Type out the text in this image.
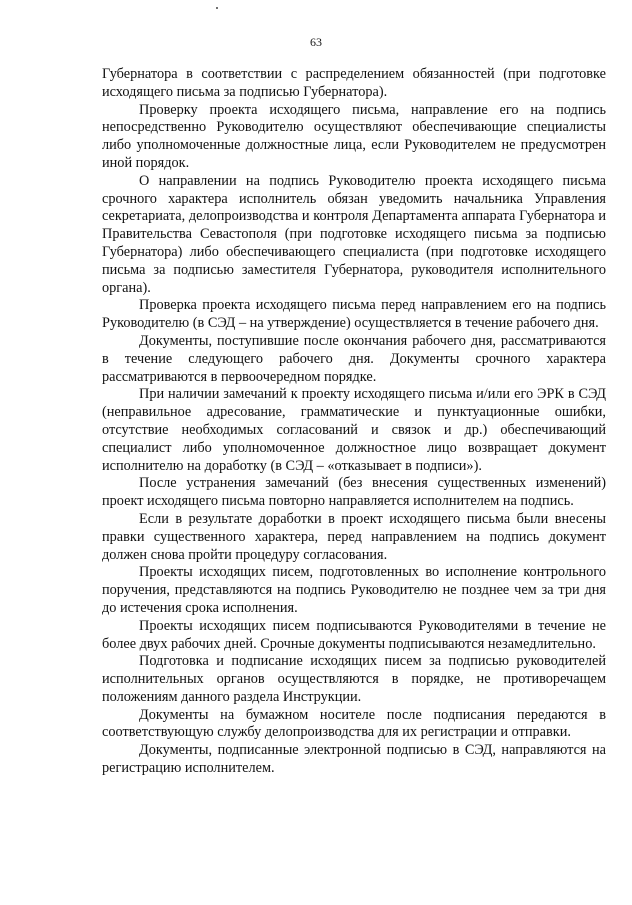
63

Губернатора в соответствии с распределением обязанностей (при подготовке исходящего письма за подписью Губернатора).

Проверку проекта исходящего письма, направление его на подпись непосредственно Руководителю осуществляют обеспечивающие специалисты либо уполномоченные должностные лица, если Руководителем не предусмотрен иной порядок.

О направлении на подпись Руководителю проекта исходящего письма срочного характера исполнитель обязан уведомить начальника Управления секретариата, делопроизводства и контроля Департамента аппарата Губернатора и Правительства Севастополя (при подготовке исходящего письма за подписью Губернатора) либо обеспечивающего специалиста (при подготовке исходящего письма за подписью заместителя Губернатора, руководителя исполнительного органа).

Проверка проекта исходящего письма перед направлением его на подпись Руководителю (в СЭД – на утверждение) осуществляется в течение рабочего дня.

Документы, поступившие после окончания рабочего дня, рассматриваются в течение следующего рабочего дня. Документы срочного характера рассматриваются в первоочередном порядке.

При наличии замечаний к проекту исходящего письма и/или его ЭРК в СЭД (неправильное адресование, грамматические и пунктуационные ошибки, отсутствие необходимых согласований и связок и др.) обеспечивающий специалист либо уполномоченное должностное лицо возвращает документ исполнителю на доработку (в СЭД – «отказывает в подписи»).

После устранения замечаний (без внесения существенных изменений) проект исходящего письма повторно направляется исполнителем на подпись.

Если в результате доработки в проект исходящего письма были внесены правки существенного характера, перед направлением на подпись документ должен снова пройти процедуру согласования.

Проекты исходящих писем, подготовленных во исполнение контрольного поручения, представляются на подпись Руководителю не позднее чем за три дня до истечения срока исполнения.

Проекты исходящих писем подписываются Руководителями в течение не более двух рабочих дней. Срочные документы подписываются незамедлительно.

Подготовка и подписание исходящих писем за подписью руководителей исполнительных органов осуществляются в порядке, не противоречащем положениям данного раздела Инструкции.

Документы на бумажном носителе после подписания передаются в соответствующую службу делопроизводства для их регистрации и отправки.

Документы, подписанные электронной подписью в СЭД, направляются на регистрацию исполнителем.
